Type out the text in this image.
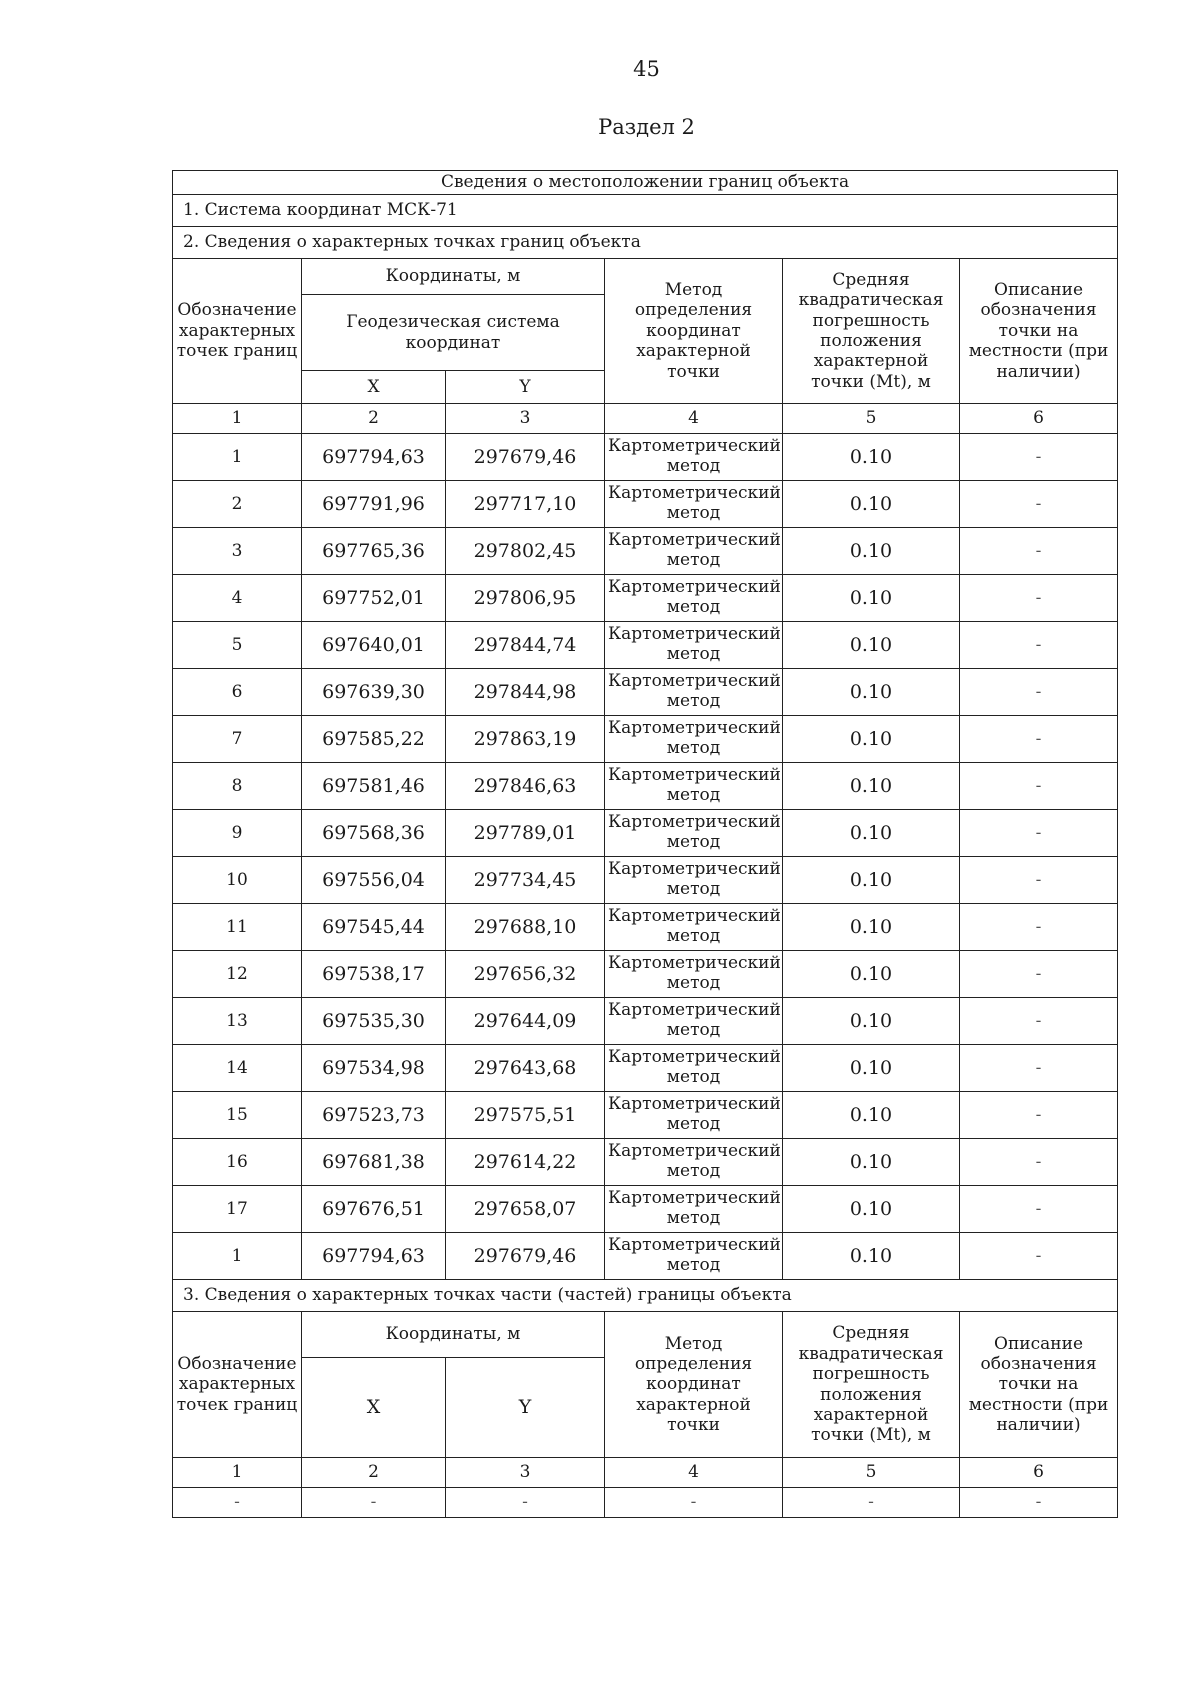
45
Раздел 2
Сведения о местоположении границ объекта					
1. Система координат МСК-71					
2. Сведения о характерных точках границ объекта					
Обозначение характерных точек границ	Координаты, м		Метод определения координат характерной точки	Средняя квадратическая погрешность положения характерной точки (Mt), м	Описание обозначения точки на местности (при наличии)
	Геодезическая система координат				
	X	Y			
1	2	3	4	5	6
1	697794,63	297679,46	Картометрический метод	0.10	-
2	697791,96	297717,10	Картометрический метод	0.10	-
3	697765,36	297802,45	Картометрический метод	0.10	-
4	697752,01	297806,95	Картометрический метод	0.10	-
5	697640,01	297844,74	Картометрический метод	0.10	-
6	697639,30	297844,98	Картометрический метод	0.10	-
7	697585,22	297863,19	Картометрический метод	0.10	-
8	697581,46	297846,63	Картометрический метод	0.10	-
9	697568,36	297789,01	Картометрический метод	0.10	-
10	697556,04	297734,45	Картометрический метод	0.10	-
11	697545,44	297688,10	Картометрический метод	0.10	-
12	697538,17	297656,32	Картометрический метод	0.10	-
13	697535,30	297644,09	Картометрический метод	0.10	-
14	697534,98	297643,68	Картометрический метод	0.10	-
15	697523,73	297575,51	Картометрический метод	0.10	-
16	697681,38	297614,22	Картометрический метод	0.10	-
17	697676,51	297658,07	Картометрический метод	0.10	-
1	697794,63	297679,46	Картометрический метод	0.10	-
3. Сведения о характерных точках части (частей) границы объекта					
Обозначение характерных точек границ	Координаты, м		Метод определения координат характерной точки	Средняя квадратическая погрешность положения характерной точки (Mt), м	Описание обозначения точки на местности (при наличии)
	X	Y			
1	2	3	4	5	6
-	-	-	-	-	-
